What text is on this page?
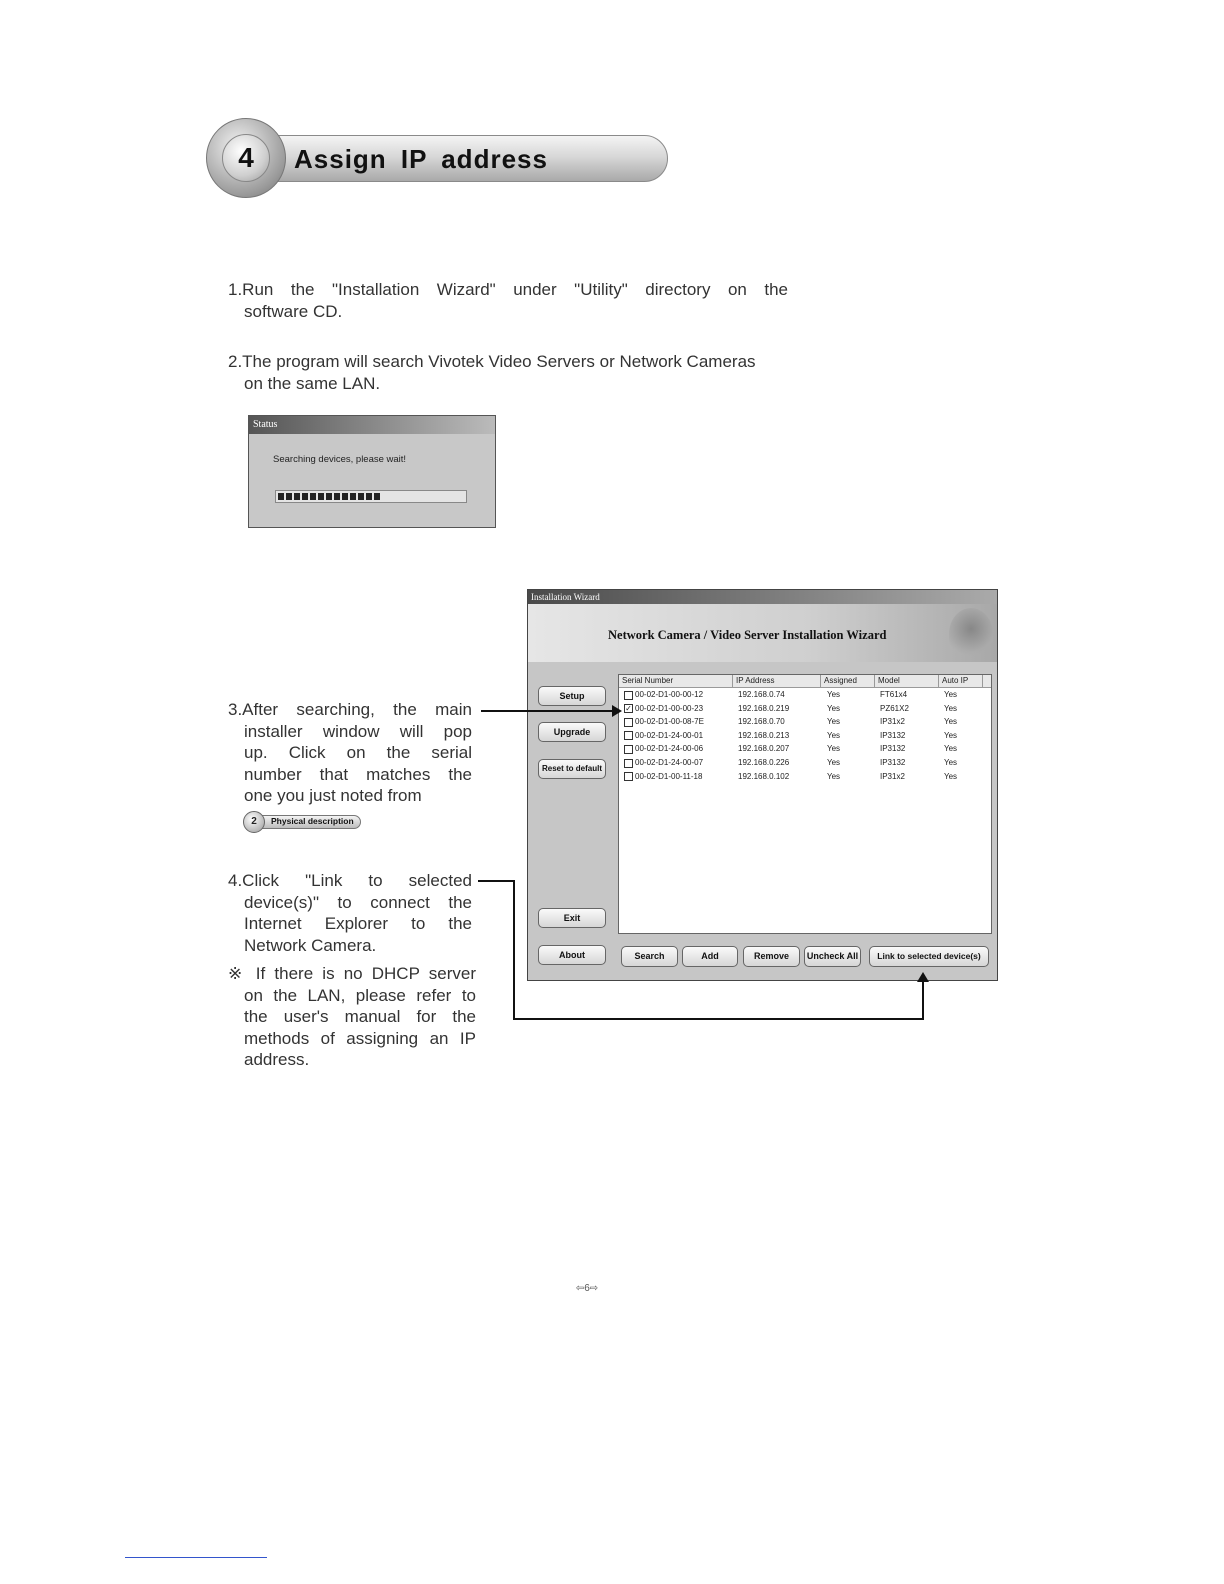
4	Assign IP address
1.Run the "Installation Wizard" under "Utility" directory on the
software CD.
2.The program will search Vivotek Video Servers or Network Cameras
on the same LAN.
Status
Searching devices, please wait!
3.After searching, the main
installer window will pop
up. Click on the serial
number that matches the
one you just noted from
2	Physical description
4.Click "Link to selected
device(s)" to connect the
Internet Explorer to the
Network Camera.
※ If there is no DHCP server
on the LAN, please refer to
the user's manual for the
methods of assigning an IP
address.
Installation Wizard
Network Camera / Video Server Installation Wizard
Setup
Upgrade
Reset to default
Exit
About
Serial Number	IP Address	Assigned	Model	Auto IP
00-02-D1-00-00-12	192.168.0.74	Yes	FT61x4	Yes
✓ 00-02-D1-00-00-23	192.168.0.219	Yes	PZ61X2	Yes
00-02-D1-00-08-7E	192.168.0.70	Yes	IP31x2	Yes
00-02-D1-24-00-01	192.168.0.213	Yes	IP3132	Yes
00-02-D1-24-00-06	192.168.0.207	Yes	IP3132	Yes
00-02-D1-24-00-07	192.168.0.226	Yes	IP3132	Yes
00-02-D1-00-11-18	192.168.0.102	Yes	IP31x2	Yes
Search	Add	Remove	Uncheck All	Link to selected device(s)
⇦6⇨
